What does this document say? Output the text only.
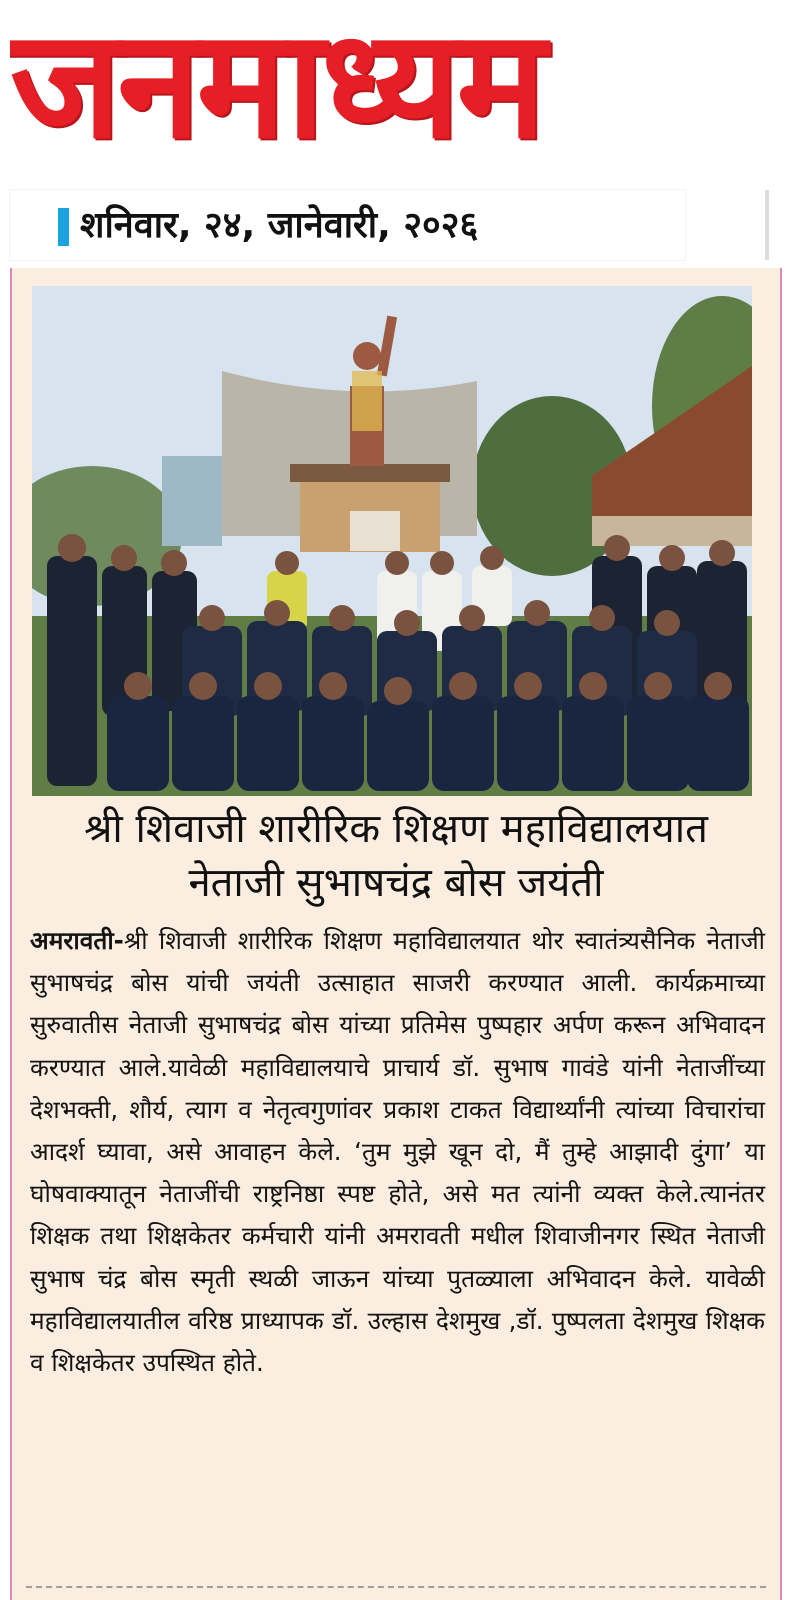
जनमाध्यम
शनिवार, २४, जानेवारी, २०२६
श्री शिवाजी शारीरिक शिक्षण महाविद्यालयात
नेताजी सुभाषचंद्र बोस जयंती
अमरावती-श्री शिवाजी शारीरिक शिक्षण महाविद्यालयात थोर स्वातंत्र्यसैनिक नेताजी सुभाषचंद्र बोस यांची जयंती उत्साहात साजरी करण्यात आली. कार्यक्रमाच्या सुरुवातीस नेताजी सुभाषचंद्र बोस यांच्या प्रतिमेस पुष्पहार अर्पण करून अभिवादन करण्यात आले.यावेळी महाविद्यालयाचे प्राचार्य डॉ. सुभाष गावंडे यांनी नेताजींच्या देशभक्ती, शौर्य, त्याग व नेतृत्वगुणांवर प्रकाश टाकत विद्यार्थ्यांनी त्यांच्या विचारांचा आदर्श घ्यावा, असे आवाहन केले. ‘तुम मुझे खून दो, मैं तुम्हे आझादी दुंगा’ या घोषवाक्यातून नेताजींची राष्ट्रनिष्ठा स्पष्ट होते, असे मत त्यांनी व्यक्त केले.त्यानंतर शिक्षक तथा शिक्षकेतर कर्मचारी यांनी अमरावती मधील शिवाजीनगर स्थित नेताजी सुभाष चंद्र बोस स्मृती स्थळी जाऊन यांच्या पुतळ्याला अभिवादन केले. यावेळी महाविद्यालयातील वरिष्ठ प्राध्यापक डॉ. उल्हास देशमुख ,डॉ. पुष्पलता देशमुख शिक्षक व शिक्षकेतर उपस्थित होते.
